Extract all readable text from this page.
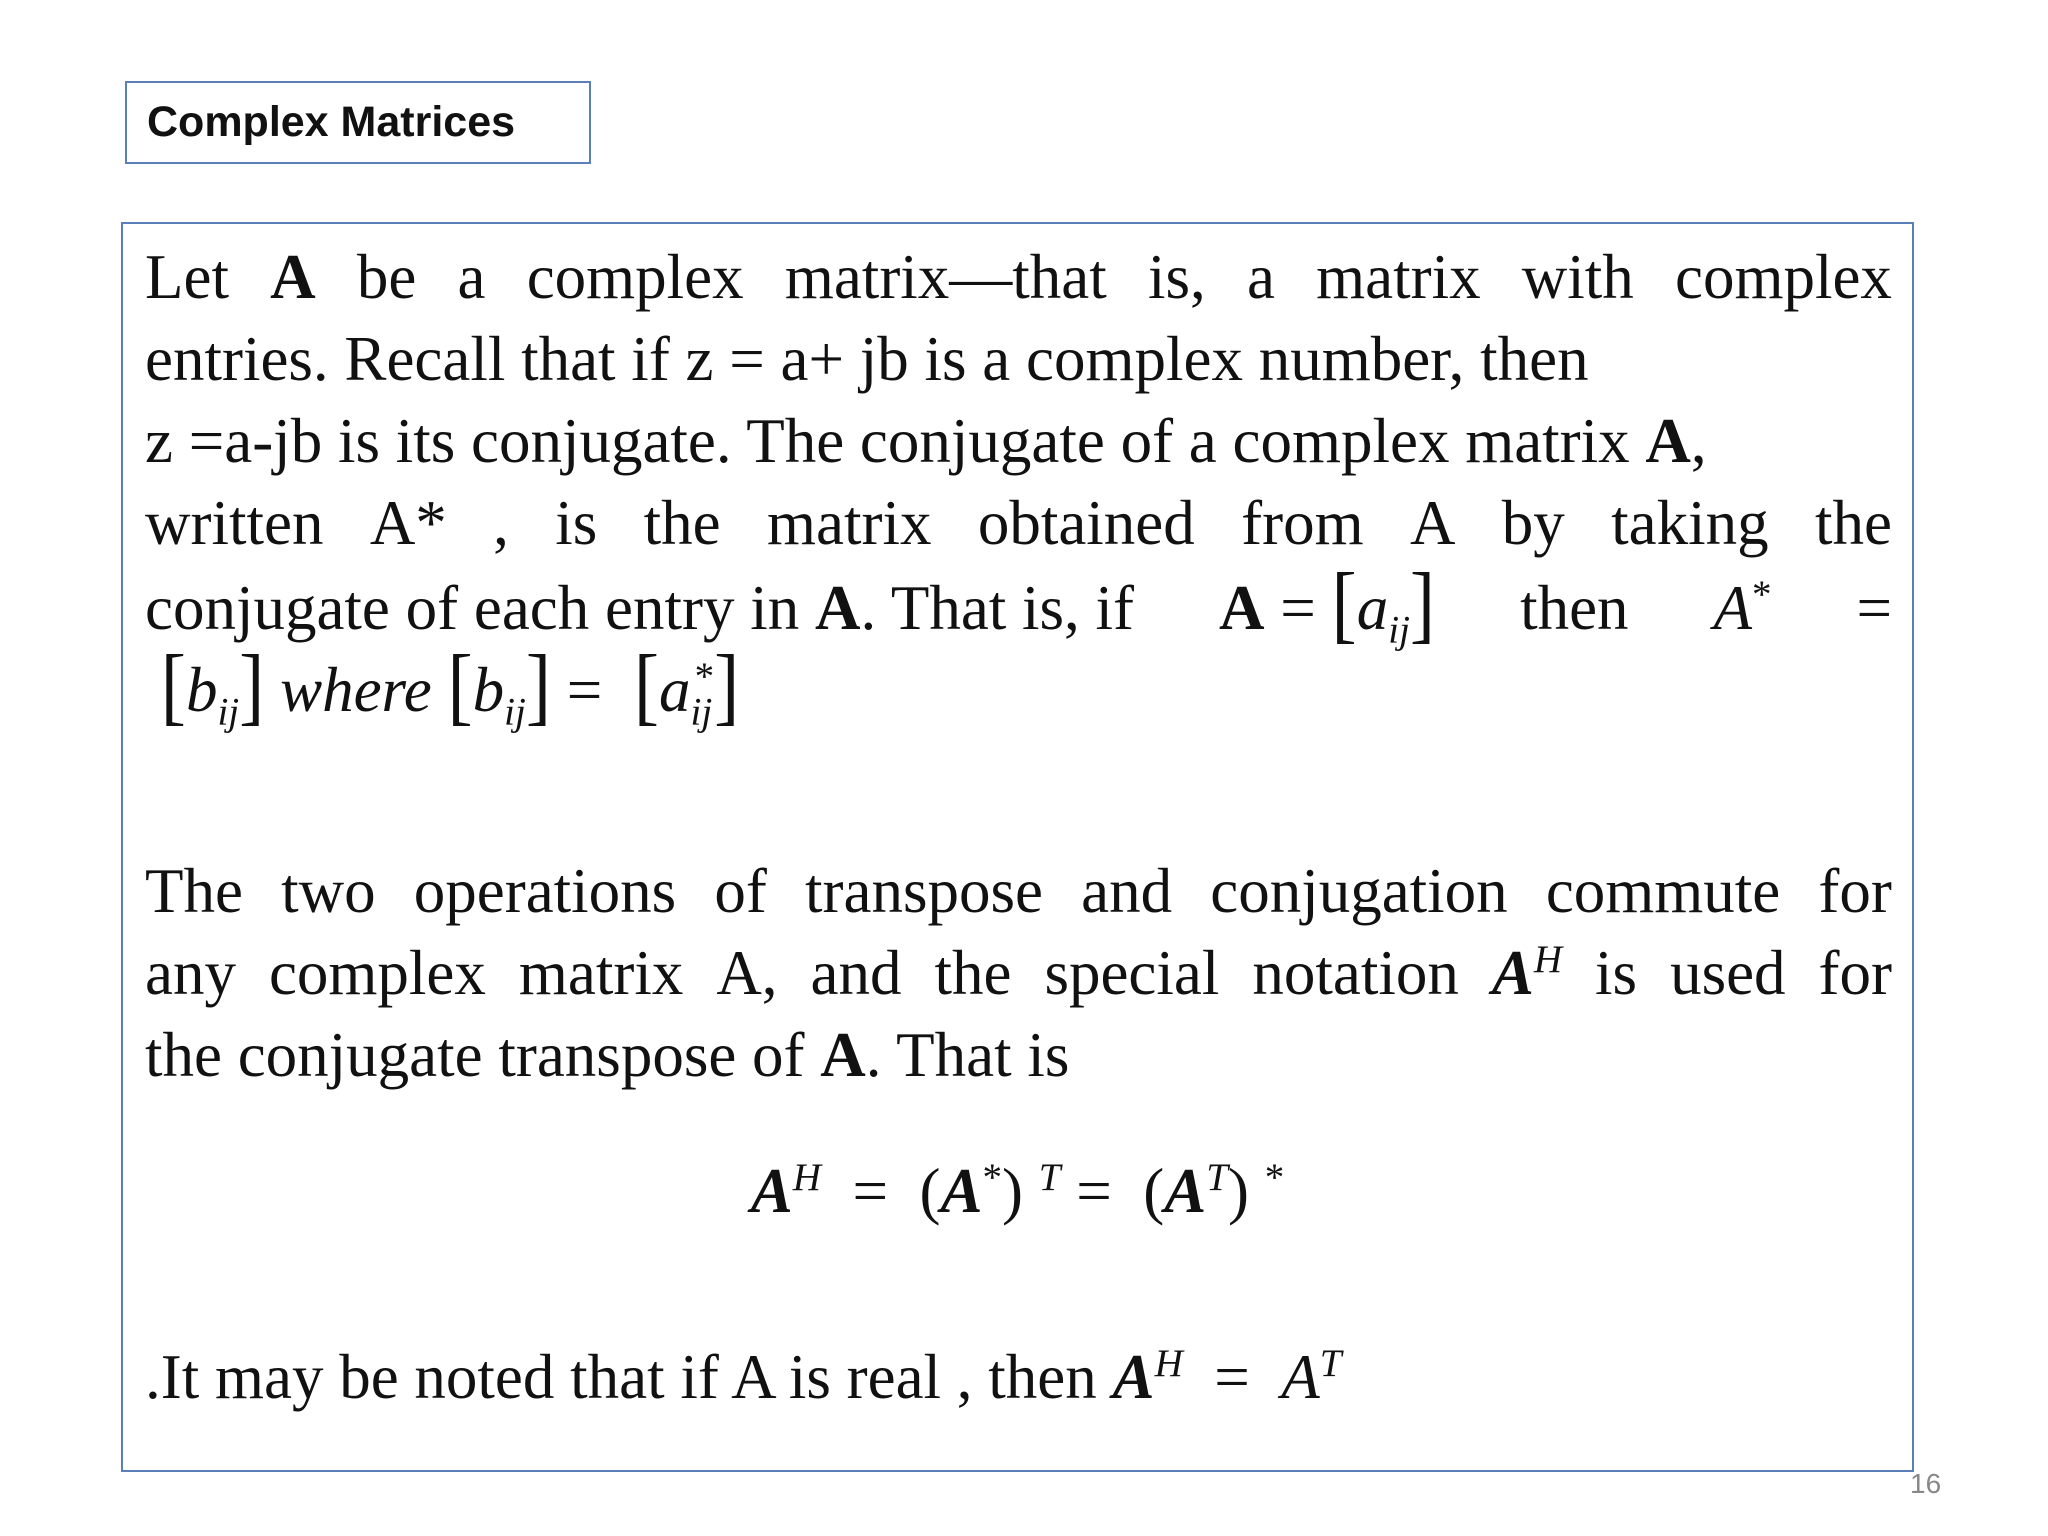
Complex Matrices
Let A be a complex matrix—that is, a matrix with complex
entries. Recall that if z = a+ jb is a complex number, then
z =a-jb is its conjugate. The conjugate of a complex matrix A,
written A* , is the matrix obtained from A by taking the
conjugate of each entry in A. That is, if $A = [a_{ij}]$ then A* =
$[b_{ij}]$ where $[b_{ij}] = [a_{ij}^*]$
The two operations of transpose and conjugation commute for
any complex matrix A, and the special notation $A^H$ is used for
the conjugate transpose of A. That is
$A^H = (A^*) ^T = (A^T)$ *
.It may be noted that if A is real , then $A^H = A^T$
16
